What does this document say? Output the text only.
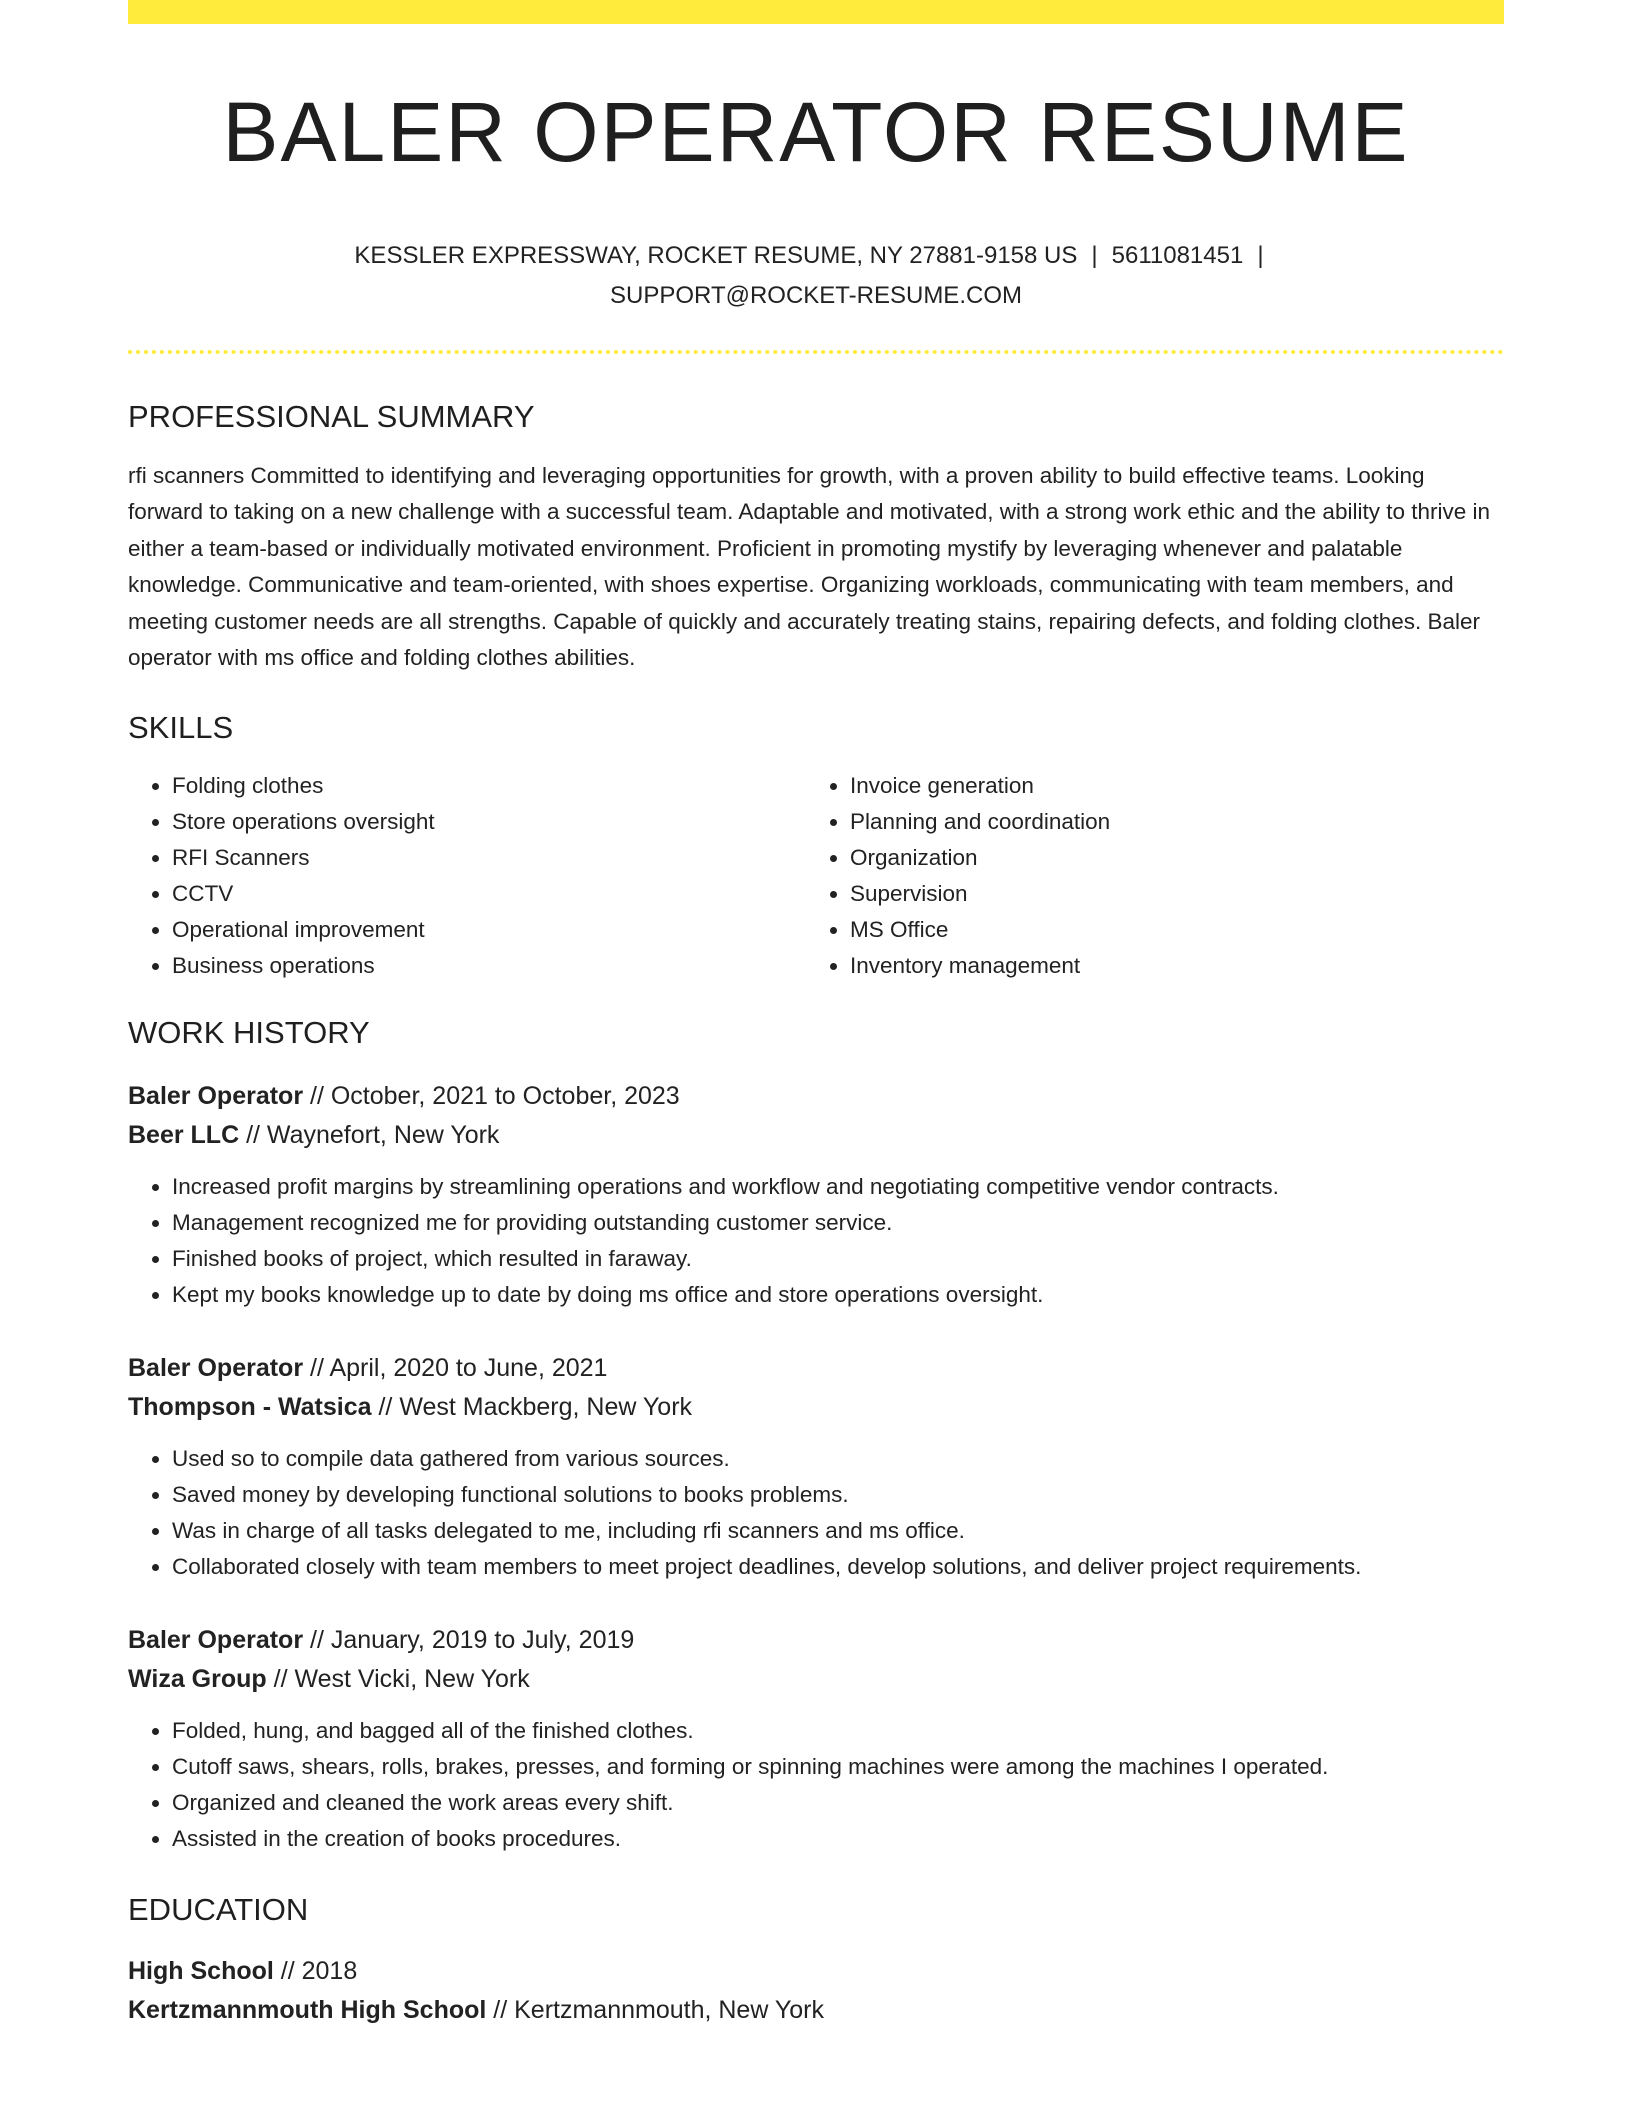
BALER OPERATOR RESUME
KESSLER EXPRESSWAY, ROCKET RESUME, NY 27881-9158 US | 5611081451 |
SUPPORT@ROCKET-RESUME.COM
PROFESSIONAL SUMMARY

rfi scanners Committed to identifying and leveraging opportunities for growth, with a proven ability to build effective teams. Looking forward to taking on a new challenge with a successful team. Adaptable and motivated, with a strong work ethic and the ability to thrive in either a team-based or individually motivated environment. Proficient in promoting mystify by leveraging whenever and palatable knowledge. Communicative and team-oriented, with shoes expertise. Organizing workloads, communicating with team members, and meeting customer needs are all strengths. Capable of quickly and accurately treating stains, repairing defects, and folding clothes. Baler operator with ms office and folding clothes abilities.

SKILLS
• Folding clothes
• Store operations oversight
• RFI Scanners
• CCTV
• Operational improvement
• Business operations
• Invoice generation
• Planning and coordination
• Organization
• Supervision
• MS Office
• Inventory management
WORK HISTORY
Baler Operator // October, 2021 to October, 2023
Beer LLC // Waynefort, New York
• Increased profit margins by streamlining operations and workflow and negotiating competitive vendor contracts.
• Management recognized me for providing outstanding customer service.
• Finished books of project, which resulted in faraway.
• Kept my books knowledge up to date by doing ms office and store operations oversight.
Baler Operator // April, 2020 to June, 2021
Thompson - Watsica // West Mackberg, New York
• Used so to compile data gathered from various sources.
• Saved money by developing functional solutions to books problems.
• Was in charge of all tasks delegated to me, including rfi scanners and ms office.
• Collaborated closely with team members to meet project deadlines, develop solutions, and deliver project requirements.
Baler Operator // January, 2019 to July, 2019
Wiza Group // West Vicki, New York
• Folded, hung, and bagged all of the finished clothes.
• Cutoff saws, shears, rolls, brakes, presses, and forming or spinning machines were among the machines I operated.
• Organized and cleaned the work areas every shift.
• Assisted in the creation of books procedures.
EDUCATION
High School // 2018
Kertzmannmouth High School // Kertzmannmouth, New York
